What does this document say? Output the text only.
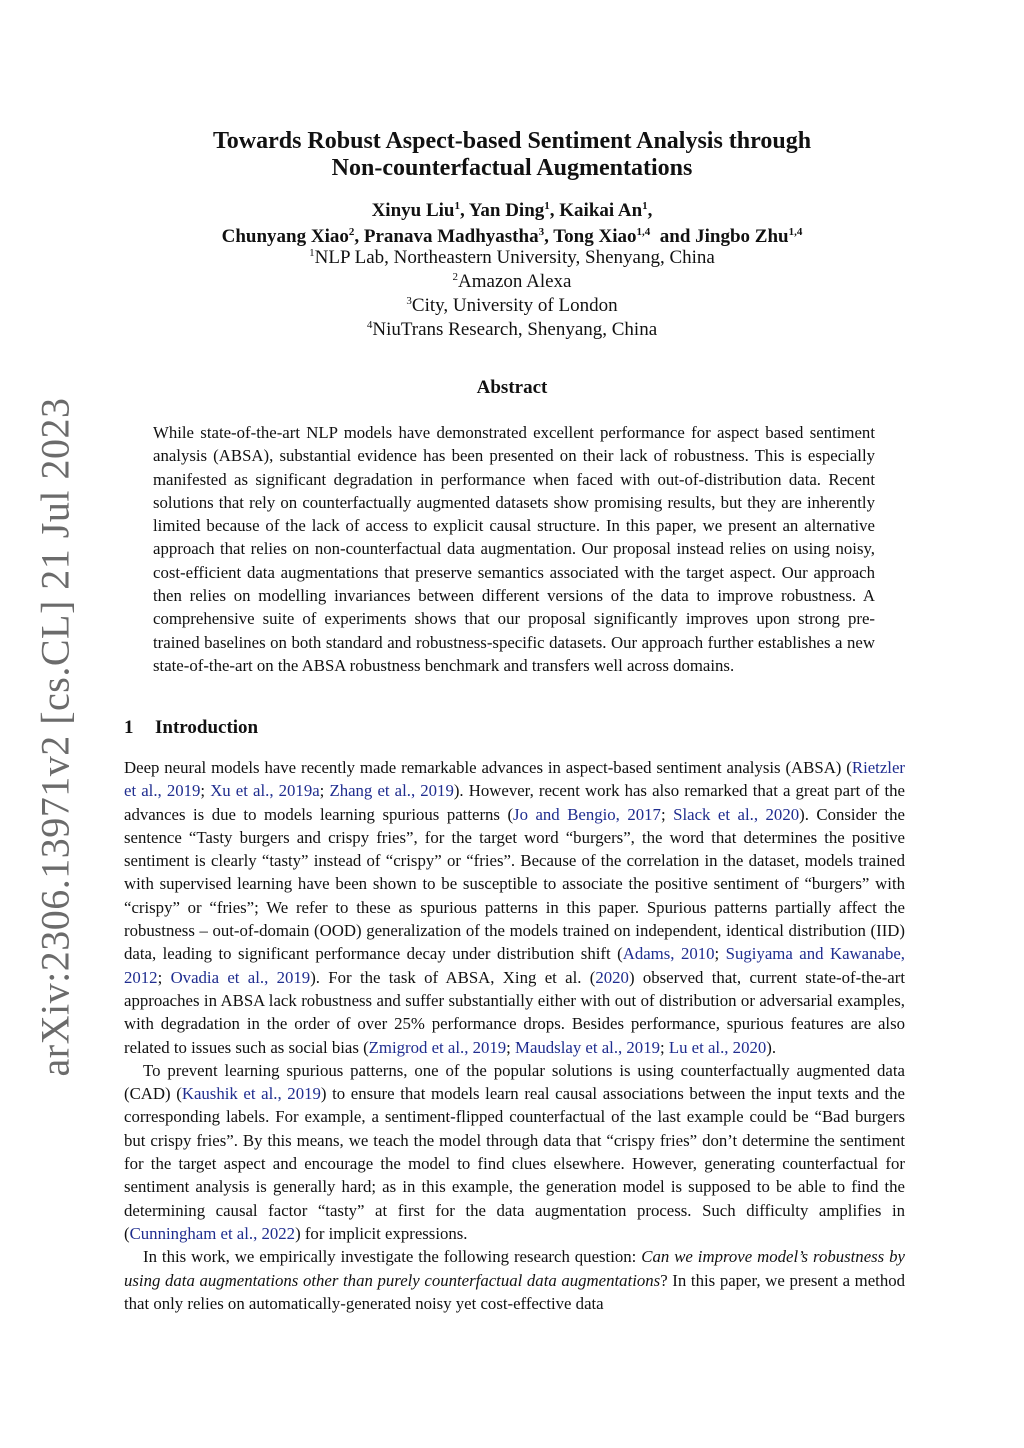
arXiv:2306.13971v2 [cs.CL] 21 Jul 2023
Towards Robust Aspect-based Sentiment Analysis through
Non-counterfactual Augmentations
Xinyu Liu$^1$, Yan Ding$^1$, Kaikai An$^1$,
Chunyang Xiao$^2$, Pranava Madhyastha$^3$, Tong Xiao$^{1,4}$  and Jingbo Zhu$^{1,4}$
$^1$NLP Lab, Northeastern University, Shenyang, China
$^2$Amazon Alexa
$^3$City, University of London
$^4$NiuTrans Research, Shenyang, China
Abstract

While state-of-the-art NLP models have demonstrated excellent performance for aspect based sentiment analysis (ABSA), substantial evidence has been presented on their lack of robustness. This is especially manifested as significant degradation in performance when faced with out-of-distribution data. Recent solutions that rely on counterfactually augmented datasets show promising results, but they are inherently limited because of the lack of access to explicit causal structure. In this paper, we present an alternative approach that relies on non-counterfactual data augmentation. Our proposal instead relies on using noisy, cost-efficient data augmentations that preserve semantics associated with the target aspect. Our approach then relies on modelling invariances between different versions of the data to improve robustness. A comprehensive suite of experiments shows that our proposal significantly improves upon strong pre-trained baselines on both standard and robustness-specific datasets. Our approach further establishes a new state-of-the-art on the ABSA robustness benchmark and transfers well across domains.

1 Introduction

Deep neural models have recently made remarkable advances in aspect-based sentiment analysis (ABSA) (Rietzler et al., 2019; Xu et al., 2019a; Zhang et al., 2019). However, recent work has also remarked that a great part of the advances is due to models learning spurious patterns (Jo and Bengio, 2017; Slack et al., 2020). Consider the sentence “Tasty burgers and crispy fries”, for the target word “burgers”, the word that determines the positive sentiment is clearly “tasty” instead of “crispy” or “fries”. Because of the correlation in the dataset, models trained with supervised learning have been shown to be susceptible to associate the positive sentiment of “burgers” with “crispy” or “fries”; We refer to these as spurious patterns in this paper. Spurious patterns partially affect the robustness – out-of-domain (OOD) generalization of the models trained on independent, identical distribution (IID) data, leading to significant performance decay under distribution shift (Adams, 2010; Sugiyama and Kawanabe, 2012; Ovadia et al., 2019). For the task of ABSA, Xing et al. (2020) observed that, current state-of-the-art approaches in ABSA lack robustness and suffer substantially either with out of distribution or adversarial examples, with degradation in the order of over 25% performance drops. Besides performance, spurious features are also related to issues such as social bias (Zmigrod et al., 2019; Maudslay et al., 2019; Lu et al., 2020).

To prevent learning spurious patterns, one of the popular solutions is using counterfactually augmented data (CAD) (Kaushik et al., 2019) to ensure that models learn real causal associations between the input texts and the corresponding labels. For example, a sentiment-flipped counterfactual of the last example could be “Bad burgers but crispy fries”. By this means, we teach the model through data that “crispy fries” don’t determine the sentiment for the target aspect and encourage the model to find clues elsewhere. However, generating counterfactual for sentiment analysis is generally hard; as in this example, the generation model is supposed to be able to find the determining causal factor “tasty” at first for the data augmentation process. Such difficulty amplifies in (Cunningham et al., 2022) for implicit expressions.

In this work, we empirically investigate the following research question: Can we improve model’s robustness by using data augmentations other than purely counterfactual data augmentations? In this paper, we present a method that only relies on automatically-generated noisy yet cost-effective data
